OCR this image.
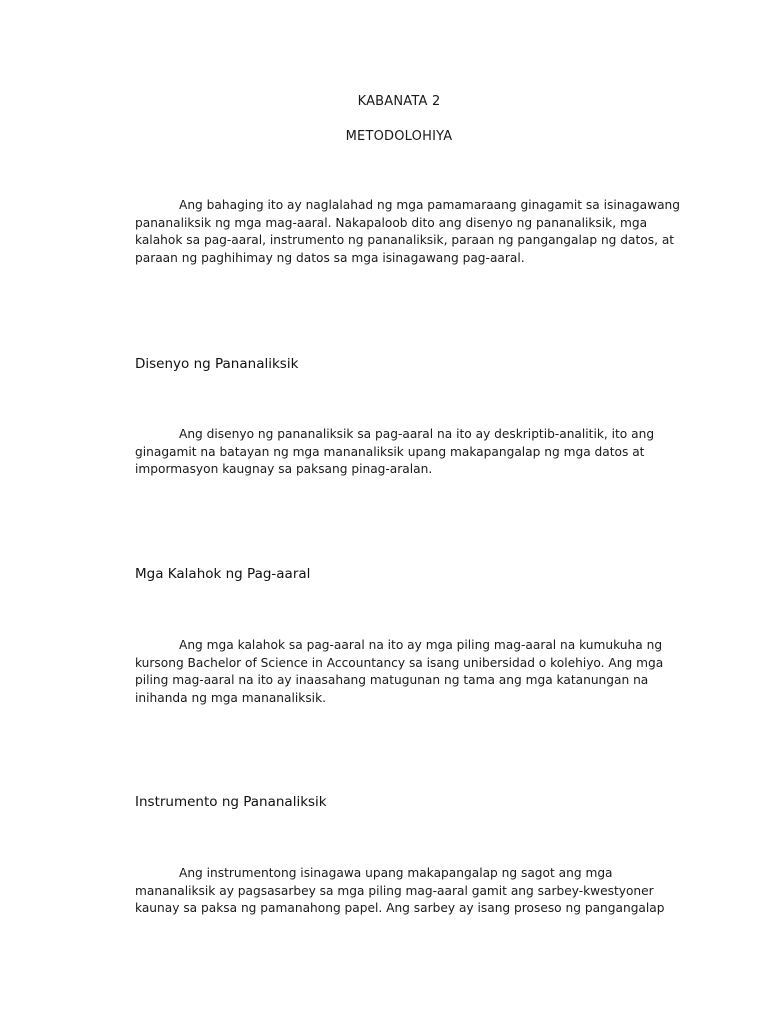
KABANATA 2
METODOLOHIYA

Ang bahaging ito ay naglalahad ng mga pamamaraang ginagamit sa isinagawang pananaliksik ng mga mag-aaral. Nakapaloob dito ang disenyo ng pananaliksik, mga kalahok sa pag-aaral, instrumento ng pananaliksik, paraan ng pangangalap ng datos, at paraan ng paghihimay ng datos sa mga isinagawang pag-aaral.

Disenyo ng Pananaliksik

Ang disenyo ng pananaliksik sa pag-aaral na ito ay deskriptib-analitik, ito ang ginagamit na batayan ng mga mananaliksik upang makapangalap ng mga datos at impormasyon kaugnay sa paksang pinag-aralan.

Mga Kalahok ng Pag-aaral

Ang mga kalahok sa pag-aaral na ito ay mga piling mag-aaral na kumukuha ng kursong Bachelor of Science in Accountancy sa isang unibersidad o kolehiyo. Ang mga piling mag-aaral na ito ay inaasahang matugunan ng tama ang mga katanungan na inihanda ng mga mananaliksik.

Instrumento ng Pananaliksik

Ang instrumentong isinagawa upang makapangalap ng sagot ang mga mananaliksik ay pagsasarbey sa mga piling mag-aaral gamit ang sarbey-kwestyoner kaunay sa paksa ng pamanahong papel. Ang sarbey ay isang proseso ng pangangalap
